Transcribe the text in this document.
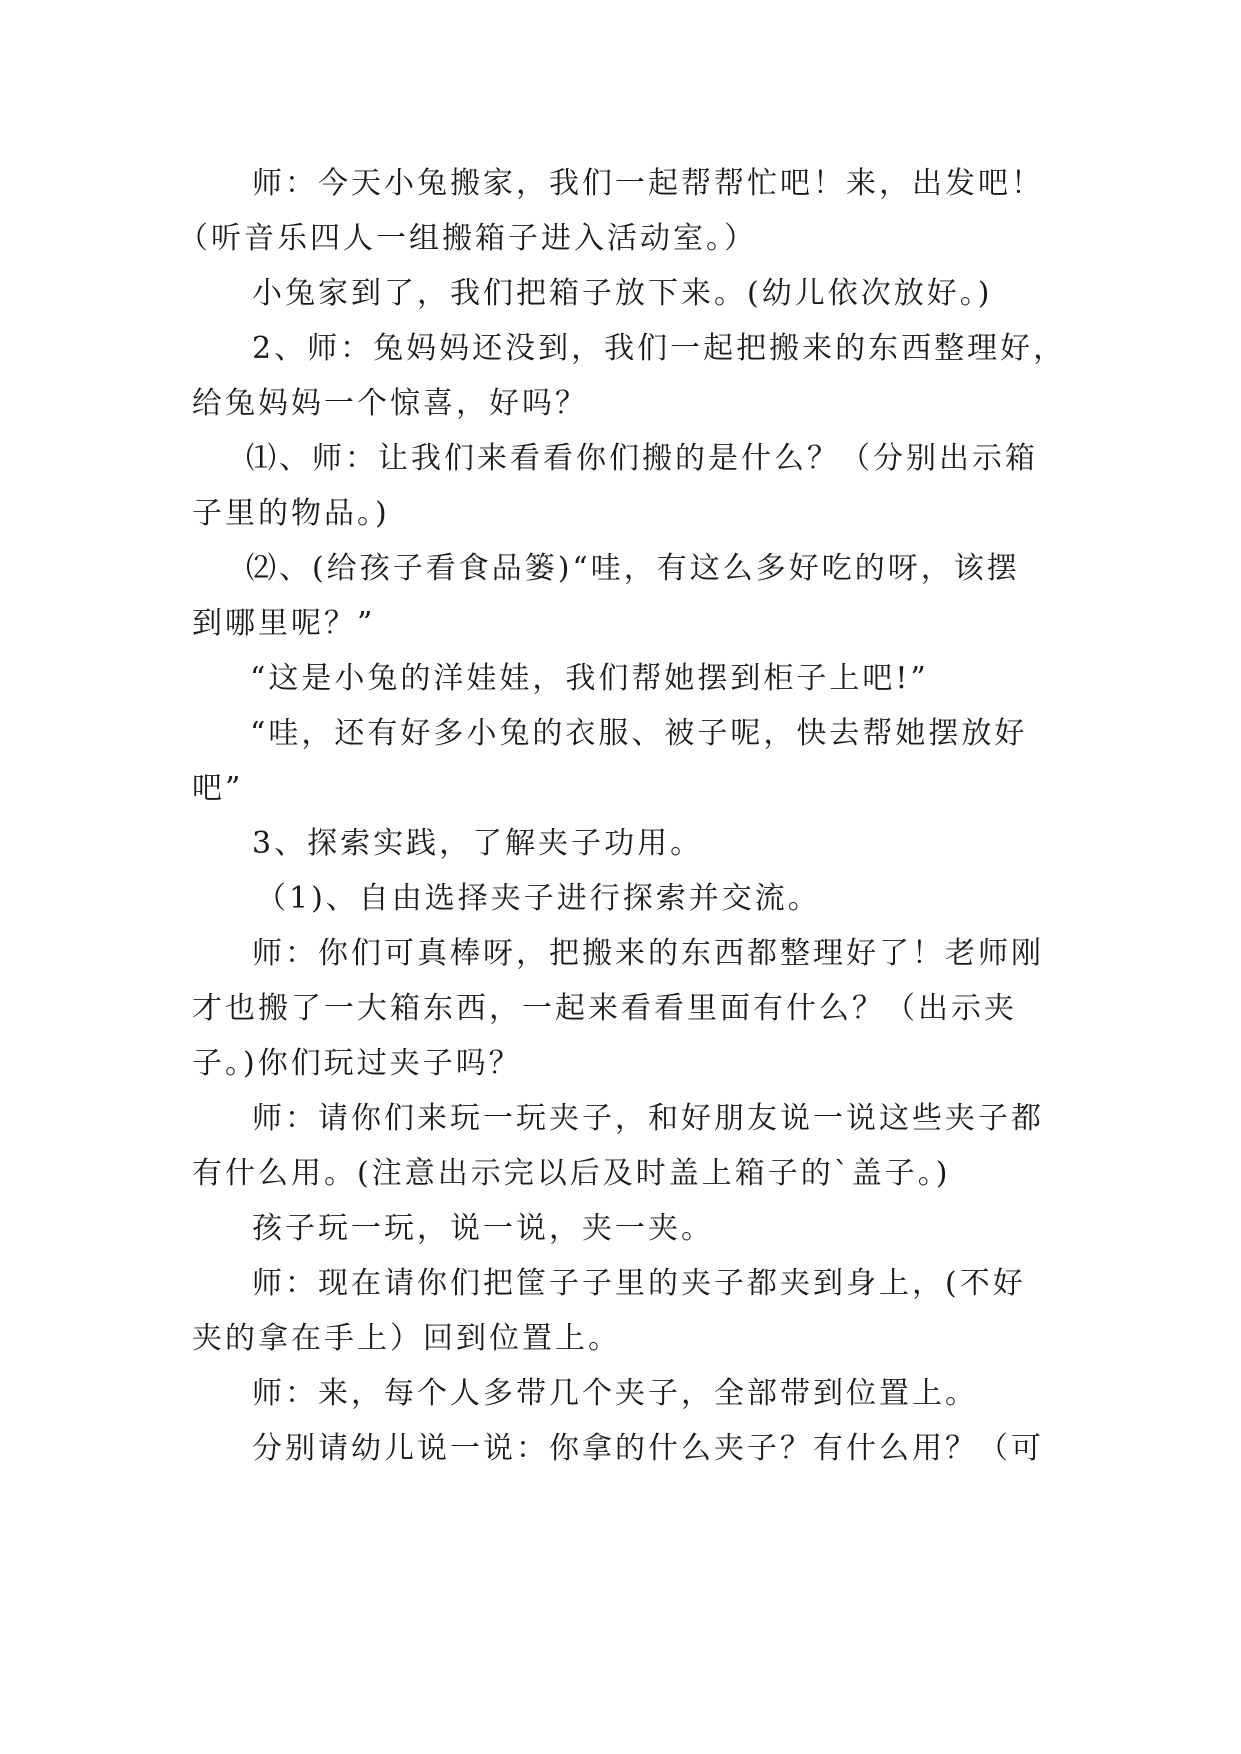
师：今天小兔搬家，我们一起帮帮忙吧！来，出发吧！
（听音乐四人一组搬箱子进入活动室。）
小兔家到了，我们把箱子放下来。(幼儿依次放好。)
2、师：兔妈妈还没到，我们一起把搬来的东西整理好，
给兔妈妈一个惊喜，好吗？
⑴、师：让我们来看看你们搬的是什么？（分别出示箱
子里的物品。)
⑵、(给孩子看食品篓)“哇，有这么多好吃的呀，该摆
到哪里呢？”
“这是小兔的洋娃娃，我们帮她摆到柜子上吧!”
“哇，还有好多小兔的衣服、被子呢，快去帮她摆放好
吧”
3、探索实践，了解夹子功用。
（1)、自由选择夹子进行探索并交流。
师：你们可真棒呀，把搬来的东西都整理好了！老师刚
才也搬了一大箱东西，一起来看看里面有什么？（出示夹
子。)你们玩过夹子吗？
师：请你们来玩一玩夹子，和好朋友说一说这些夹子都
有什么用。(注意出示完以后及时盖上箱子的`盖子。)
孩子玩一玩，说一说，夹一夹。
师：现在请你们把筐子子里的夹子都夹到身上，(不好
夹的拿在手上）回到位置上。
师：来，每个人多带几个夹子，全部带到位置上。
分别请幼儿说一说：你拿的什么夹子？有什么用？（可
